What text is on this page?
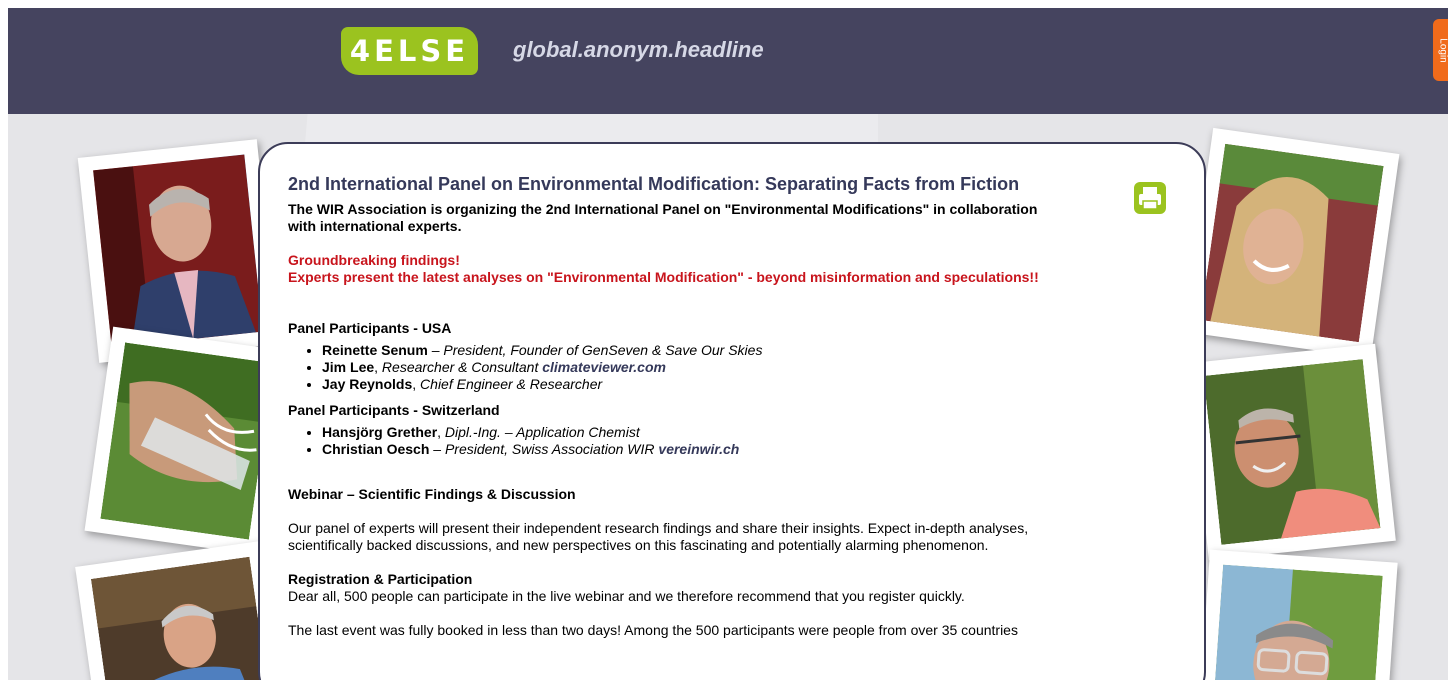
4ELSE global.anonym.headline	Login
2nd International Panel on Environmental Modification: Separating Facts from Fiction

The WIR Association is organizing the 2nd International Panel on "Environmental Modifications" in collaboration with international experts.

Groundbreaking findings!

Experts present the latest analyses on "Environmental Modification" - beyond misinformation and speculations!!

Panel Participants - USA

• Reinette Senum – President, Founder of GenSeven & Save Our Skies
• Jim Lee, Researcher & Consultant climateviewer.com
• Jay Reynolds, Chief Engineer & Researcher

Panel Participants - Switzerland

• Hansjörg Grether, Dipl.-Ing. – Application Chemist
• Christian Oesch – President, Swiss Association WIR vereinwir.ch

Webinar – Scientific Findings & Discussion

Our panel of experts will present their independent research findings and share their insights. Expect in-depth analyses, scientifically backed discussions, and new perspectives on this fascinating and potentially alarming phenomenon.

Registration & Participation

Dear all, 500 people can participate in the live webinar and we therefore recommend that you register quickly.

The last event was fully booked in less than two days! Among the 500 participants were people from over 35 countries
